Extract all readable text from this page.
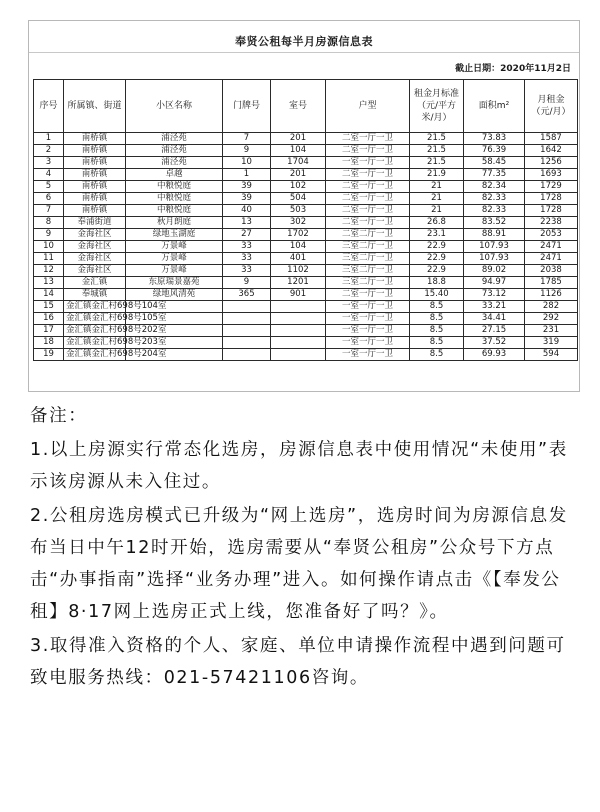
奉贤公租每半月房源信息表
截止日期：2020年11月2日
序号	所属镇、街道	小区名称	门牌号	室号	户型	租金月标准（元/平方米/月）	面积m²	月租金（元/月）
1	南桥镇	浦泾苑	7	201	二室一厅一卫	21.5	73.83	1587
2	南桥镇	浦泾苑	9	104	二室一厅一卫	21.5	76.39	1642
3	南桥镇	浦泾苑	10	1704	一室一厅一卫	21.5	58.45	1256
4	南桥镇	卓越	1	201	二室一厅一卫	21.9	77.35	1693
5	南桥镇	中粮悦庭	39	102	二室一厅一卫	21	82.34	1729
6	南桥镇	中粮悦庭	39	504	二室一厅一卫	21	82.33	1728
7	南桥镇	中粮悦庭	40	503	二室一厅一卫	21	82.33	1728
8	奉浦街道	秋月朗庭	13	302	二室一厅一卫	26.8	83.52	2238
9	金海社区	绿地玉湖庭	27	1702	二室二厅一卫	23.1	88.91	2053
10	金海社区	万景峰	33	104	三室二厅一卫	22.9	107.93	2471
11	金海社区	万景峰	33	401	三室二厅一卫	22.9	107.93	2471
12	金海社区	万景峰	33	1102	三室二厅一卫	22.9	89.02	2038
13	金汇镇	东原瑞景嘉苑	9	1201	三室二厅一卫	18.8	94.97	1785
14	奉城镇	绿地风清苑	365	901	二室一厅一卫	15.40	73.12	1126
15	金汇镇金汇村698号104室				一室一厅一卫	8.5	33.21	282
16	金汇镇金汇村698号105室				一室一厅一卫	8.5	34.41	292
17	金汇镇金汇村698号202室				一室一厅一卫	8.5	27.15	231
18	金汇镇金汇村698号203室				一室一厅一卫	8.5	37.52	319
19	金汇镇金汇村698号204室				一室一厅一卫	8.5	69.93	594

备注：

1.以上房源实行常态化选房，房源信息表中使用情况“未使用”表示该房源从未入住过。

2.公租房选房模式已升级为“网上选房”，选房时间为房源信息发布当日中午12时开始，选房需要从“奉贤公租房”公众号下方点击“办事指南”选择“业务办理”进入。如何操作请点击《【奉发公租】8·17网上选房正式上线，您准备好了吗？》。

3.取得准入资格的个人、家庭、单位申请操作流程中遇到问题可致电服务热线：021-57421106咨询。
